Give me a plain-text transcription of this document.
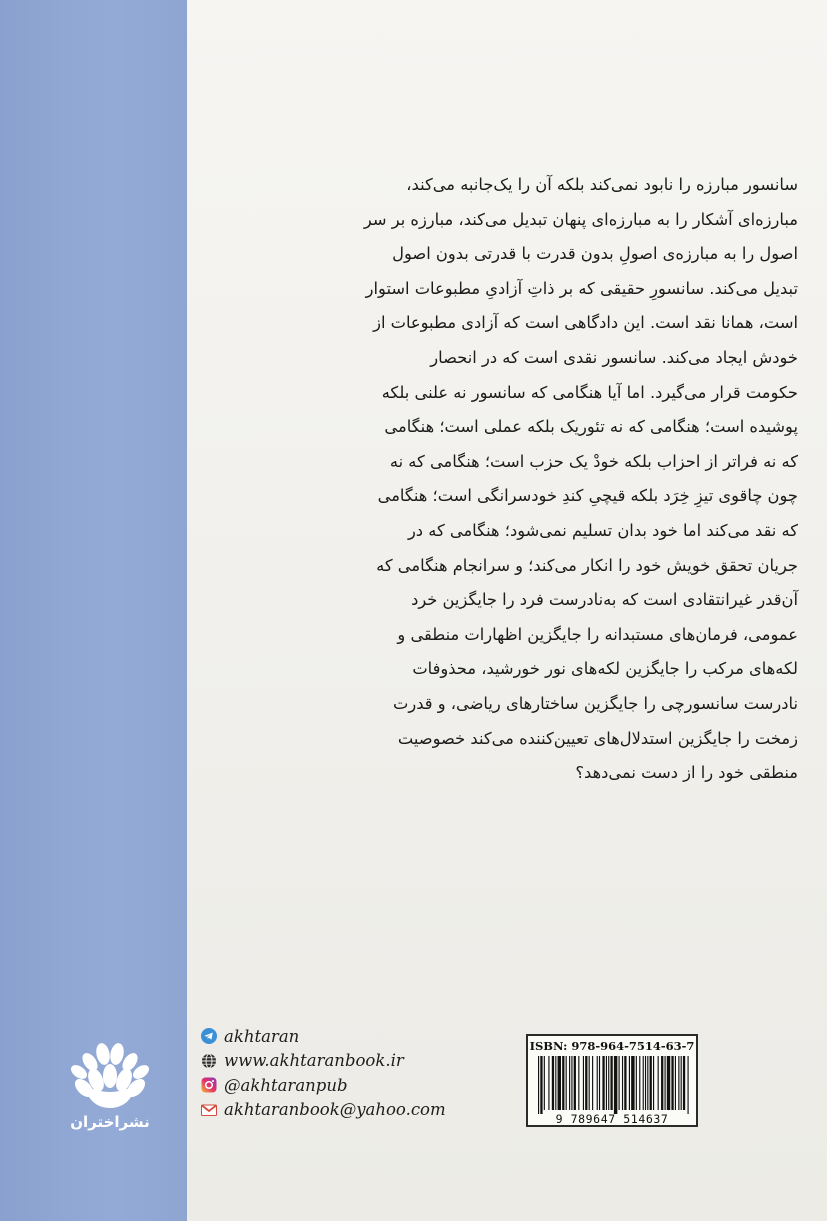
سانسور مبارزه را نابود نمی‌کند بلکه آن را یک‌جانبه می‌کند،

مبارزه‌ای آشکار را به مبارزه‌ای پنهان تبدیل می‌کند، مبارزه بر سر

اصول را به مبارزه‌ی اصولِ بدون قدرت با قدرتی بدون اصول

تبدیل می‌کند. سانسورِ حقیقی که بر ذاتِ آزادیِ مطبوعات استوار

است، همانا نقد است. این دادگاهی است که آزادی مطبوعات از

خودش ایجاد می‌کند. سانسور نقدی است که در انحصار

حکومت قرار می‌گیرد. اما آیا هنگامی که سانسور نه علنی بلکه

پوشیده است؛ هنگامی که نه تئوریک بلکه عملی است؛ هنگامی

که نه فراتر از احزاب بلکه خودْ یک حزب است؛ هنگامی که نه

چون چاقوی تیزِ خِرَد بلکه قیچیِ کندِ خودسرانگی است؛ هنگامی

که نقد می‌کند اما خود بدان تسلیم نمی‌شود؛ هنگامی که در

جریان تحقق خویش خود را انکار می‌کند؛ و سرانجام هنگامی که

آن‌قدر غیرانتقادی است که به‌نادرست فرد را جایگزین خرد

عمومی، فرمان‌های مستبدانه را جایگزین اظهارات منطقی و

لکه‌های مرکب را جایگزین لکه‌های نور خورشید، محذوفات

نادرست سانسورچی را جایگزین ساختارهای ریاضی، و قدرت

زمخت را جایگزین استدلال‌های تعیین‌کننده می‌کند خصوصیت

منطقی خود را از دست نمی‌دهد؟

نشراختران
akhtaran
www.akhtaranbook.ir
@akhtaranpub
akhtaranbook@yahoo.com
ISBN: 978-964-7514-63-7
9 789647 514637
